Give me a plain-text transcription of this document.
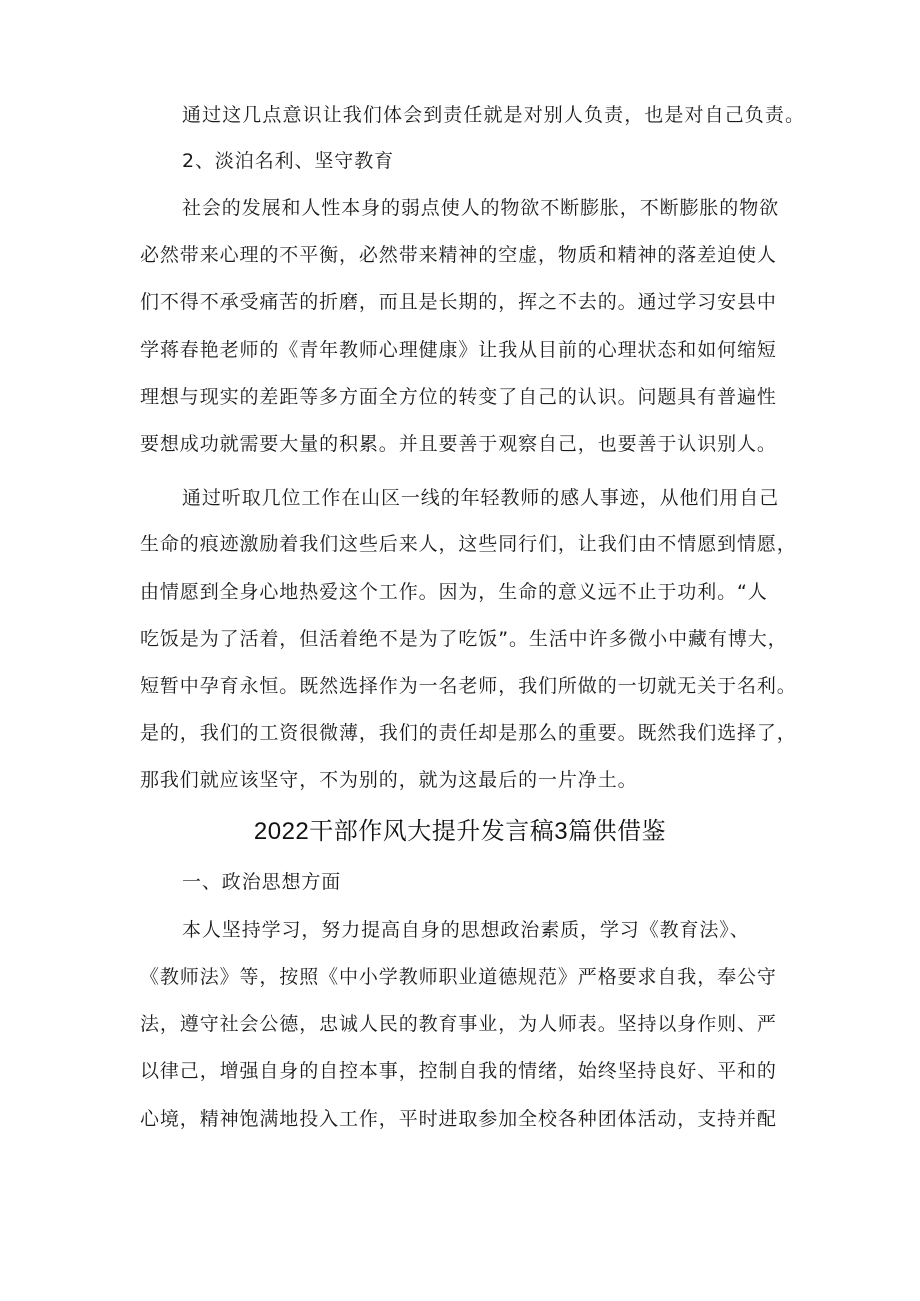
通过这几点意识让我们体会到责任就是对别人负责，也是对自己负责。
2、淡泊名利、坚守教育
社会的发展和人性本身的弱点使人的物欲不断膨胀，不断膨胀的物欲
必然带来心理的不平衡，必然带来精神的空虚，物质和精神的落差迫使人
们不得不承受痛苦的折磨，而且是长期的，挥之不去的。通过学习安县中
学蒋春艳老师的《青年教师心理健康》让我从目前的心理状态和如何缩短
理想与现实的差距等多方面全方位的转变了自己的认识。问题具有普遍性
要想成功就需要大量的积累。并且要善于观察自己，也要善于认识别人。
通过听取几位工作在山区一线的年轻教师的感人事迹，从他们用自己
生命的痕迹激励着我们这些后来人，这些同行们，让我们由不情愿到情愿，
由情愿到全身心地热爱这个工作。因为，生命的意义远不止于功利。“人
吃饭是为了活着，但活着绝不是为了吃饭”。生活中许多微小中藏有博大，
短暂中孕育永恒。既然选择作为一名老师，我们所做的一切就无关于名利。
是的，我们的工资很微薄，我们的责任却是那么的重要。既然我们选择了，
那我们就应该坚守，不为别的，就为这最后的一片净土。
2022干部作风大提升发言稿3篇供借鉴
一、政治思想方面
本人坚持学习，努力提高自身的思想政治素质，学习《教育法》、
《教师法》等，按照《中小学教师职业道德规范》严格要求自我，奉公守
法，遵守社会公德，忠诚人民的教育事业，为人师表。坚持以身作则、严
以律己，增强自身的自控本事，控制自我的情绪，始终坚持良好、平和的
心境，精神饱满地投入工作，平时进取参加全校各种团体活动，支持并配
